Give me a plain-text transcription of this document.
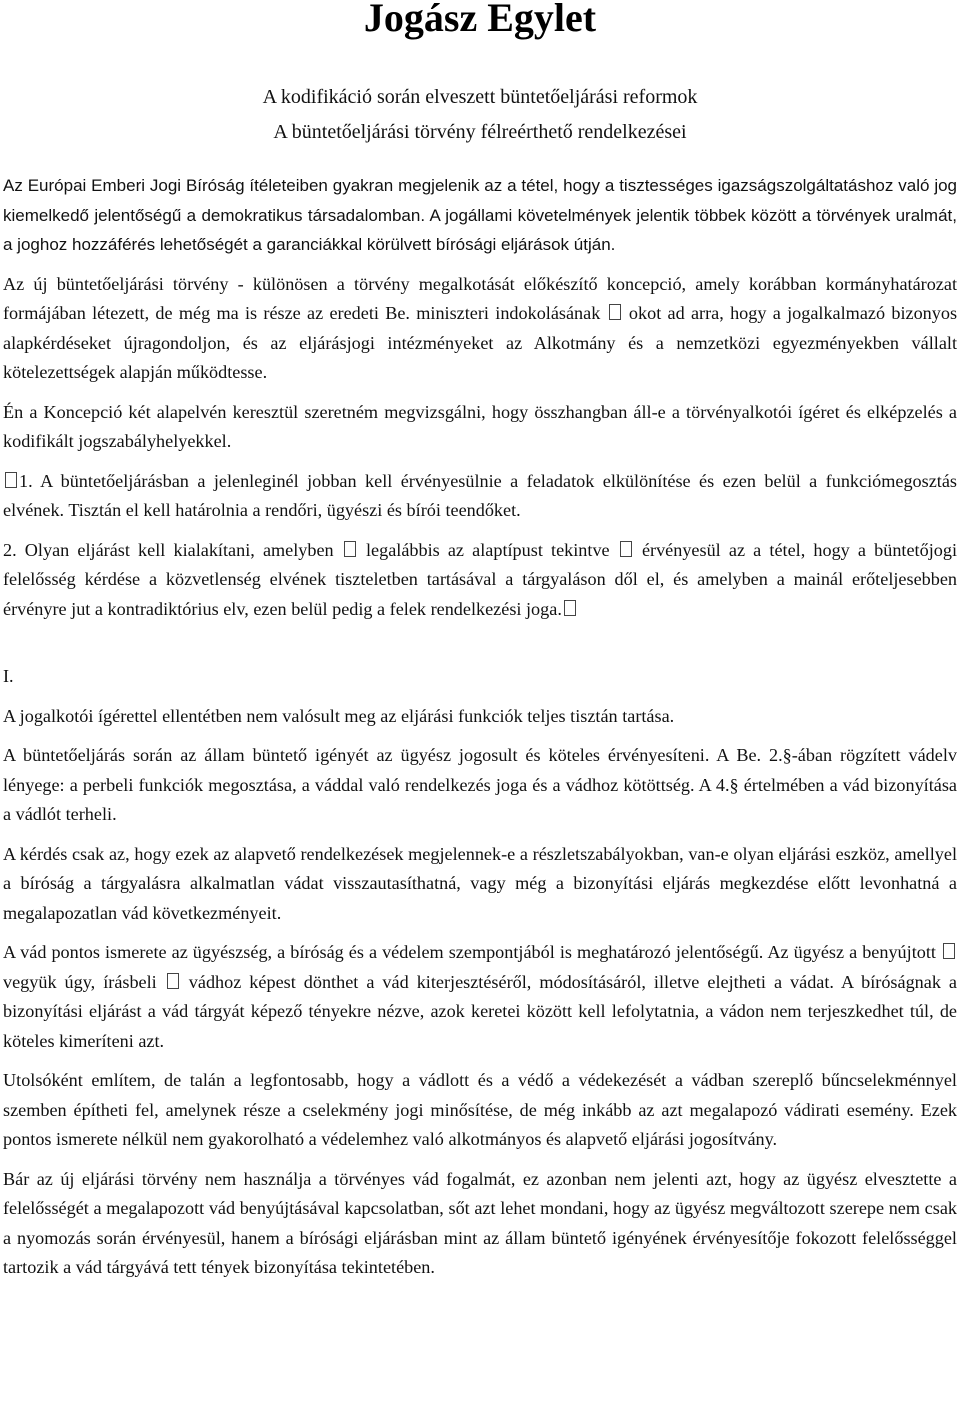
Jogász Egylet
A kodifikáció során elveszett büntetőeljárási reformok
A büntetőeljárási törvény félreérthető rendelkezései

Az Európai Emberi Jogi Bíróság ítéleteiben gyakran megjelenik az a tétel, hogy a tisztességes igazságszolgáltatáshoz való jog kiemelkedő jelentőségű a demokratikus társadalomban. A jogállami követelmények jelentik többek között a törvények uralmát, a joghoz hozzáférés lehetőségét a garanciákkal körülvett bírósági eljárások útján.

Az új büntetőeljárási törvény - különösen a törvény megalkotását előkészítő koncepció, amely korábban kormányhatározat formájában létezett, de még ma is része az eredeti Be. miniszteri indokolásának okot ad arra, hogy a jogalkalmazó bizonyos alapkérdéseket újragondoljon, és az eljárásjogi intézményeket az Alkotmány és a nemzetközi egyezményekben vállalt kötelezettségek alapján működtesse.

Én a Koncepció két alapelvén keresztül szeretném megvizsgálni, hogy összhangban áll-e a törvényalkotói ígéret és elképzelés a kodifikált jogszabályhelyekkel.

1. A büntetőeljárásban a jelenleginél jobban kell érvényesülnie a feladatok elkülönítése és ezen belül a funkciómegosztás elvének. Tisztán el kell határolnia a rendőri, ügyészi és bírói teendőket.

2. Olyan eljárást kell kialakítani, amelyben legalábbis az alaptípust tekintve érvényesül az a tétel, hogy a büntetőjogi felelősség kérdése a közvetlenség elvének tiszteletben tartásával a tárgyaláson dől el, és amelyben a mainál erőteljesebben érvényre jut a kontradiktórius elv, ezen belül pedig a felek rendelkezési joga.

I.

A jogalkotói ígérettel ellentétben nem valósult meg az eljárási funkciók teljes tisztán tartása.

A büntetőeljárás során az állam büntető igényét az ügyész jogosult és köteles érvényesíteni. A Be. 2.§-ában rögzített vádelv lényege: a perbeli funkciók megosztása, a váddal való rendelkezés joga és a vádhoz kötöttség. A 4.§ értelmében a vád bizonyítása a vádlót terheli.

A kérdés csak az, hogy ezek az alapvető rendelkezések megjelennek-e a részletszabályokban, van-e olyan eljárási eszköz, amellyel a bíróság a tárgyalásra alkalmatlan vádat visszautasíthatná, vagy még a bizonyítási eljárás megkezdése előtt levonhatná a megalapozatlan vád következményeit.

A vád pontos ismerete az ügyészség, a bíróság és a védelem szempontjából is meghatározó jelentőségű. Az ügyész a benyújtott  vegyük úgy, írásbeli vádhoz képest dönthet a vád kiterjesztéséről, módosításáról, illetve elejtheti a vádat. A bíróságnak a bizonyítási eljárást a vád tárgyát képező tényekre nézve, azok keretei között kell lefolytatnia, a vádon nem terjeszkedhet túl, de köteles kimeríteni azt.

Utolsóként említem, de talán a legfontosabb, hogy a vádlott és a védő a védekezését a vádban szereplő bűncselekménnyel szemben építheti fel, amelynek része a cselekmény jogi minősítése, de még inkább az azt megalapozó vádirati esemény. Ezek pontos ismerete nélkül nem gyakorolható a védelemhez való alkotmányos és alapvető eljárási jogosítvány.

Bár az új eljárási törvény nem használja a törvényes vád fogalmát, ez azonban nem jelenti azt, hogy az ügyész elvesztette a felelősségét a megalapozott vád benyújtásával kapcsolatban, sőt azt lehet mondani, hogy az ügyész megváltozott szerepe nem csak a nyomozás során érvényesül, hanem a bírósági eljárásban mint az állam büntető igényének érvényesítője fokozott felelősséggel tartozik a vád tárgyává tett tények bizonyítása tekintetében.
